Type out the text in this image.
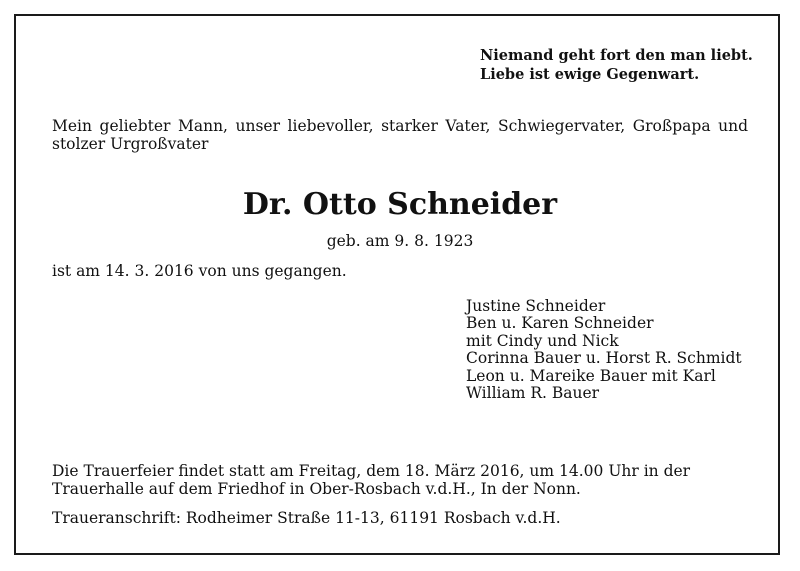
Niemand geht fort den man liebt.
Liebe ist ewige Gegenwart.
Mein geliebter Mann, unser liebevoller, starker Vater, Schwiegervater, Großpapa und stolzer Urgroßvater
Dr. Otto Schneider
geb. am 9. 8. 1923
ist am 14. 3. 2016 von uns gegangen.
Justine Schneider
Ben u. Karen Schneider
mit Cindy und Nick
Corinna Bauer u. Horst R. Schmidt
Leon u. Mareike Bauer mit Karl
William R. Bauer
Die Trauerfeier findet statt am Freitag, dem 18. März 2016, um 14.00 Uhr in der
Trauerhalle auf dem Friedhof in Ober-Rosbach v.d.H., In der Nonn.
Traueranschrift: Rodheimer Straße 11-13, 61191 Rosbach v.d.H.
